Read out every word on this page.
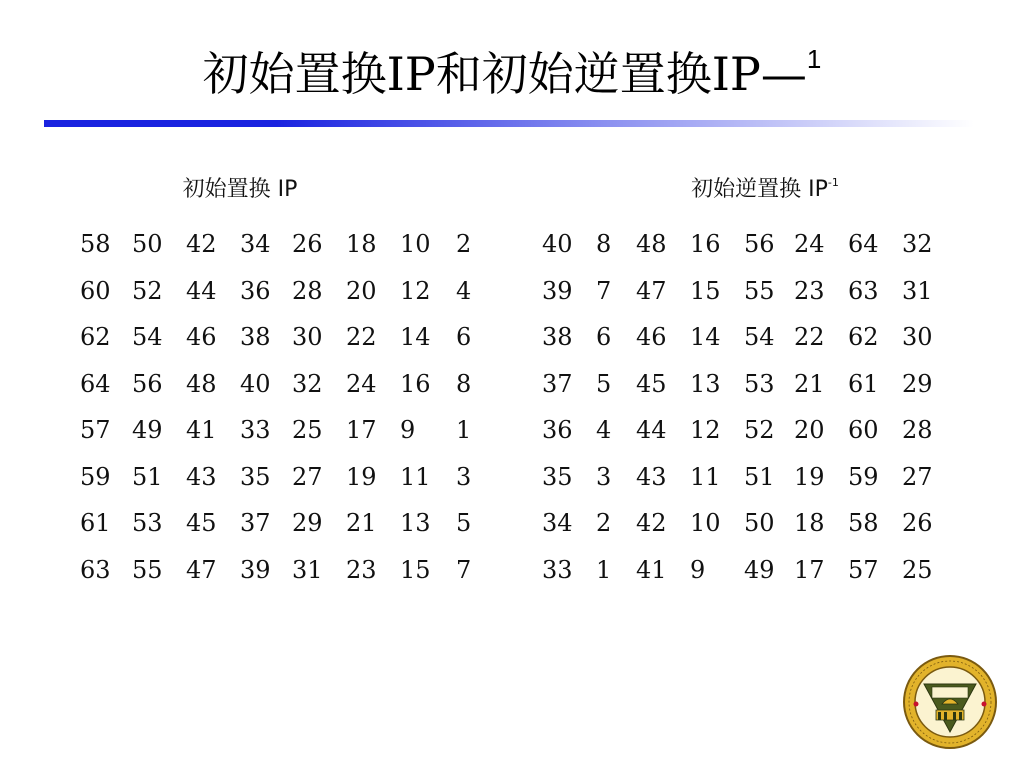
初始置换IP和初始逆置换IP—$^1$
初始置换 IP
58 50 42 34 26 18 10 2
60 52 44 36 28 20 12 4
62 54 46 38 30 22 14 6
64 56 48 40 32 24 16 8
57 49 41 33 25 17 9 1
59 51 43 35 27 19 11 3
61 53 45 37 29 21 13 5
63 55 47 39 31 23 15 7
初始逆置换 $IP^{-1}$
40 8 48 16 56 24 64 32
39 7 47 15 55 23 63 31
38 6 46 14 54 22 62 30
37 5 45 13 53 21 61 29
36 4 44 12 52 20 60 28
35 3 43 11 51 19 59 27
34 2 42 10 50 18 58 26
33 1 41 9 49 17 57 25
